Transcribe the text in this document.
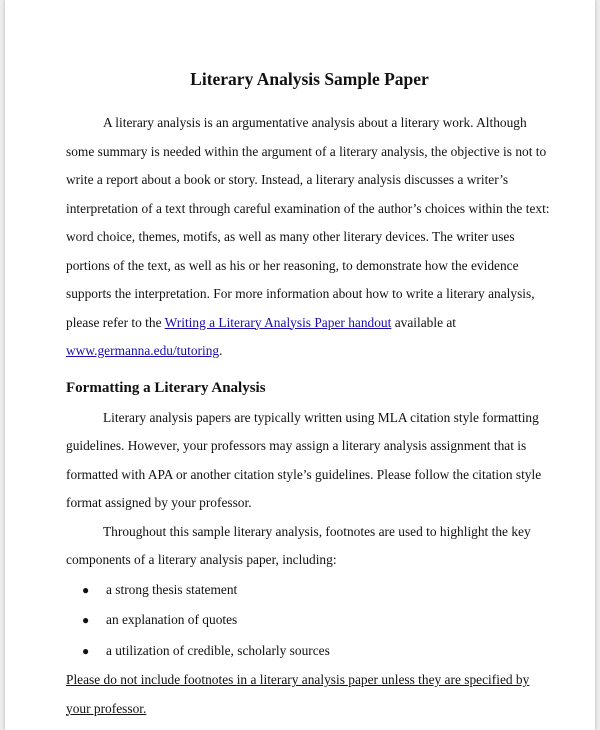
Literary Analysis Sample Paper

A literary analysis is an argumentative analysis about a literary work. Although some summary is needed within the argument of a literary analysis, the objective is not to write a report about a book or story. Instead, a literary analysis discusses a writer’s interpretation of a text through careful examination of the author’s choices within the text: word choice, themes, motifs, as well as many other literary devices. The writer uses portions of the text, as well as his or her reasoning, to demonstrate how the evidence supports the interpretation. For more information about how to write a literary analysis, please refer to the Writing a Literary Analysis Paper handout available at www.germanna.edu/tutoring.

Formatting a Literary Analysis

Literary analysis papers are typically written using MLA citation style formatting guidelines. However, your professors may assign a literary analysis assignment that is formatted with APA or another citation style’s guidelines. Please follow the citation style format assigned by your professor.

Throughout this sample literary analysis, footnotes are used to highlight the key components of a literary analysis paper, including:

● a strong thesis statement
● an explanation of quotes
● a utilization of credible, scholarly sources

Please do not include footnotes in a literary analysis paper unless they are specified by your professor.
